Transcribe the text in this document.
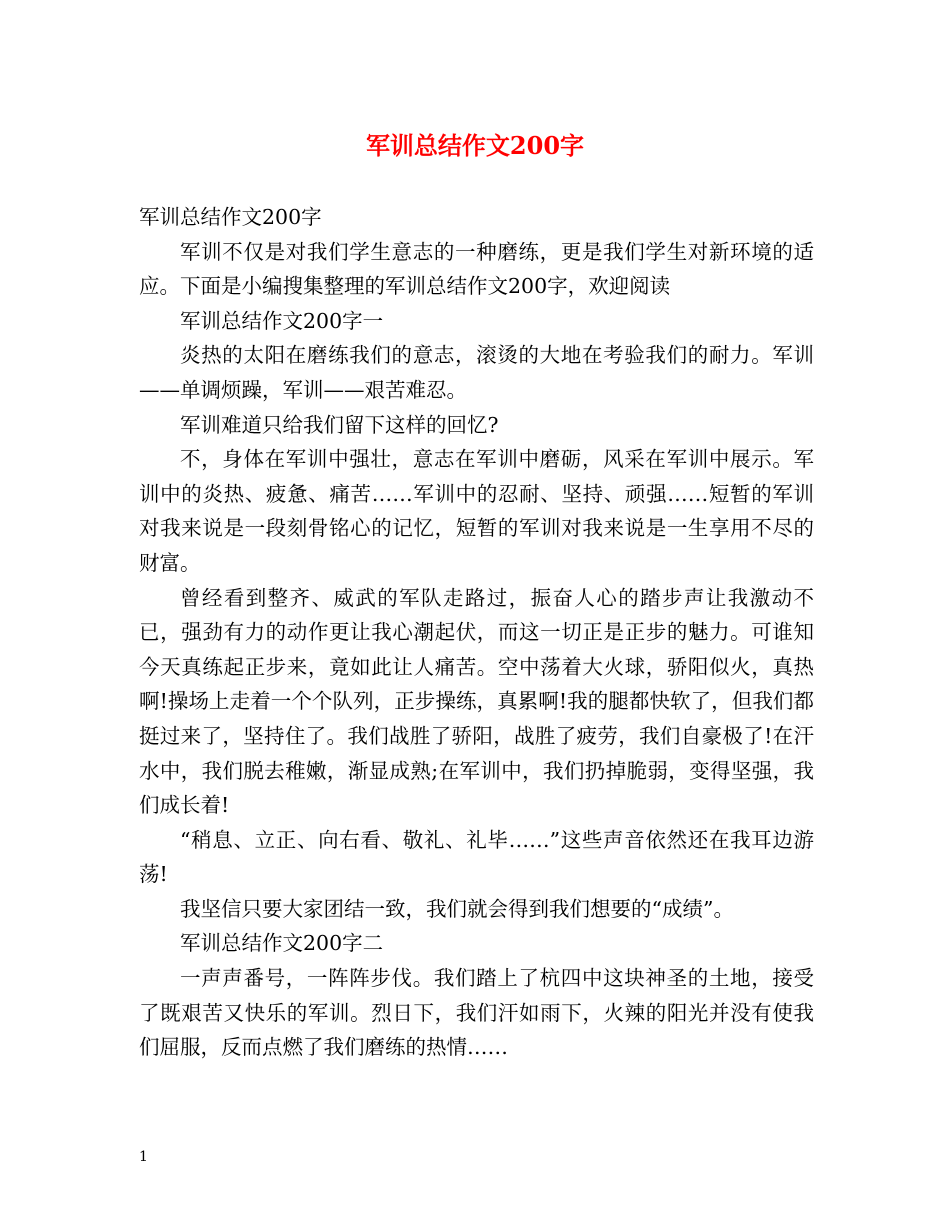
军训总结作文200字

军训总结作文200字

军训不仅是对我们学生意志的一种磨练，更是我们学生对新环境的适应。下面是小编搜集整理的军训总结作文200字，欢迎阅读

军训总结作文200字一

炎热的太阳在磨练我们的意志，滚烫的大地在考验我们的耐力。军训——单调烦躁，军训——艰苦难忍。

军训难道只给我们留下这样的回忆?

不，身体在军训中强壮，意志在军训中磨砺，风采在军训中展示。军训中的炎热、疲惫、痛苦……军训中的忍耐、坚持、顽强……短暂的军训对我来说是一段刻骨铭心的记忆，短暂的军训对我来说是一生享用不尽的财富。

曾经看到整齐、威武的军队走路过，振奋人心的踏步声让我激动不已，强劲有力的动作更让我心潮起伏，而这一切正是正步的魅力。可谁知今天真练起正步来，竟如此让人痛苦。空中荡着大火球，骄阳似火，真热啊!操场上走着一个个队列，正步操练，真累啊!我的腿都快软了，但我们都挺过来了，坚持住了。我们战胜了骄阳，战胜了疲劳，我们自豪极了!在汗水中，我们脱去稚嫩，渐显成熟;在军训中，我们扔掉脆弱，变得坚强，我们成长着!

“稍息、立正、向右看、敬礼、礼毕……”这些声音依然还在我耳边游荡!

我坚信只要大家团结一致，我们就会得到我们想要的“成绩”。

军训总结作文200字二

一声声番号，一阵阵步伐。我们踏上了杭四中这块神圣的土地，接受了既艰苦又快乐的军训。烈日下，我们汗如雨下，火辣的阳光并没有使我们屈服，反而点燃了我们磨练的热情……

1
